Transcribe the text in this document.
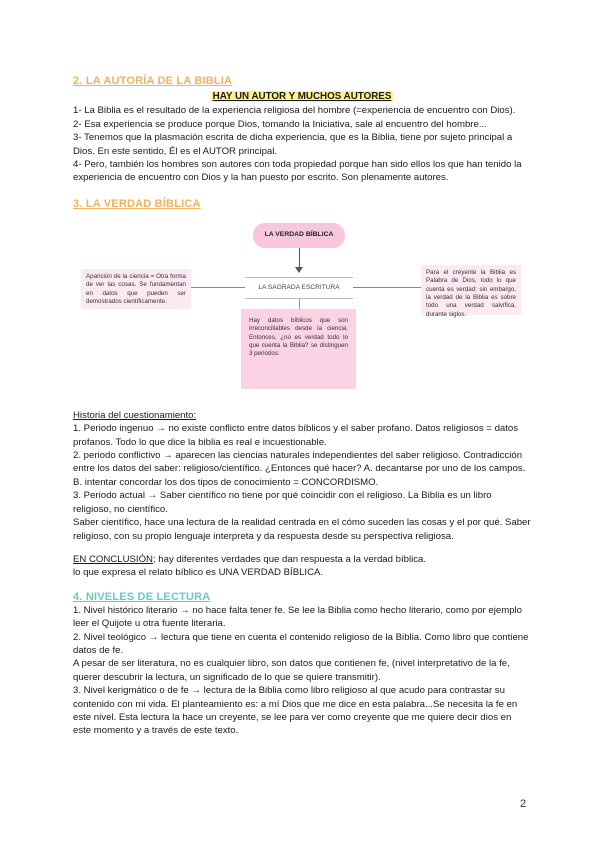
2. LA AUTORÍA DE LA BIBLIA
HAY UN AUTOR Y MUCHOS AUTORES

1- La Biblia es el resultado de la experiencia religiosa del hombre (=experiencia de encuentro con Dios).

2- Esa experiencia se produce porque Dios, tomando la Iniciativa, sale al encuentro del hombre...

3- Tenemos que la plasmación escrita de dicha experiencia, que es la Biblia, tiene por sujeto principal a Dios. En este sentido, Él es el AUTOR principal.

4- Pero, también los hombres son autores con toda propiedad porque han sido ellos los que han tenido la experiencia de encuentro con Dios y la han puesto por escrito. Son plenamente autores.

3. LA VERDAD BÍBLICA
LA VERDAD BÍBLICA
Aparición de la ciencia = Otra forma de ver las cosas. Se fundamentan en datos que pueden ser demostrados científicamente.
LA SAGRADA ESCRITURA
Para el creyente la Biblia es Palabra de Dios, todo lo que cuenta es verdad; sin embargo, la verdad de la Biblia es sobre todo una verdad salvífica, durante siglos.
Hay datos bíblicos que son irreconciliables desde la ciencia. Entonces, ¿no es verdad todo lo que cuenta la Biblia? se distinguen 3 periodos:

Historia del cuestionamiento:

1. Periodo ingenuo → no existe conflicto entre datos bíblicos y el saber profano. Datos religiosos = datos profanos. Todo lo que dice la biblia es real e incuestionable.

2. periodo conflictivo → aparecen las ciencias naturales independientes del saber religioso. Contradicción entre los datos del saber: religioso/científico. ¿Entonces qué hacer? A. decantarse por uno de los campos. B. intentar concordar los dos tipos de conocimiento = CONCORDISMO.

3. Periodo actual → Saber científico no tiene por qué coincidir con el religioso. La Biblia es un libro religioso, no científico.

Saber científico, hace una lectura de la realidad centrada en el cómo suceden las cosas y el por qué. Saber religioso, con su propio lenguaje interpreta y da respuesta desde su perspectiva religiosa.

EN CONCLUSIÓN; hay diferentes verdades que dan respuesta a la verdad bíblica.

lo que expresa el relato bíblico es UNA VERDAD BÍBLICA.

4. NIVELES DE LECTURA

1. Nivel histórico literario → no hace falta tener fe. Se lee la Biblia como hecho literario, como por ejemplo leer el Quijote u otra fuente literaria.

2. Nivel teológico → lectura que tiene en cuenta el contenido religioso de la Biblia. Como libro que contiene datos de fe.

A pesar de ser literatura, no es cualquier libro, son datos que contienen fe, (nivel interpretativo de la fe, querer descubrir la lectura, un significado de lo que se quiere transmitir).

3. Nivel kerigmático o de fe → lectura de la Biblia como libro religioso al que acudo para contrastar su contenido con mi vida. El planteamiento es: a mí Dios que me dice en esta palabra...Se necesita la fe en este nivel. Esta lectura la hace un creyente, se lee para ver como creyente que me quiere decir dios en este momento y a través de este texto.

2
